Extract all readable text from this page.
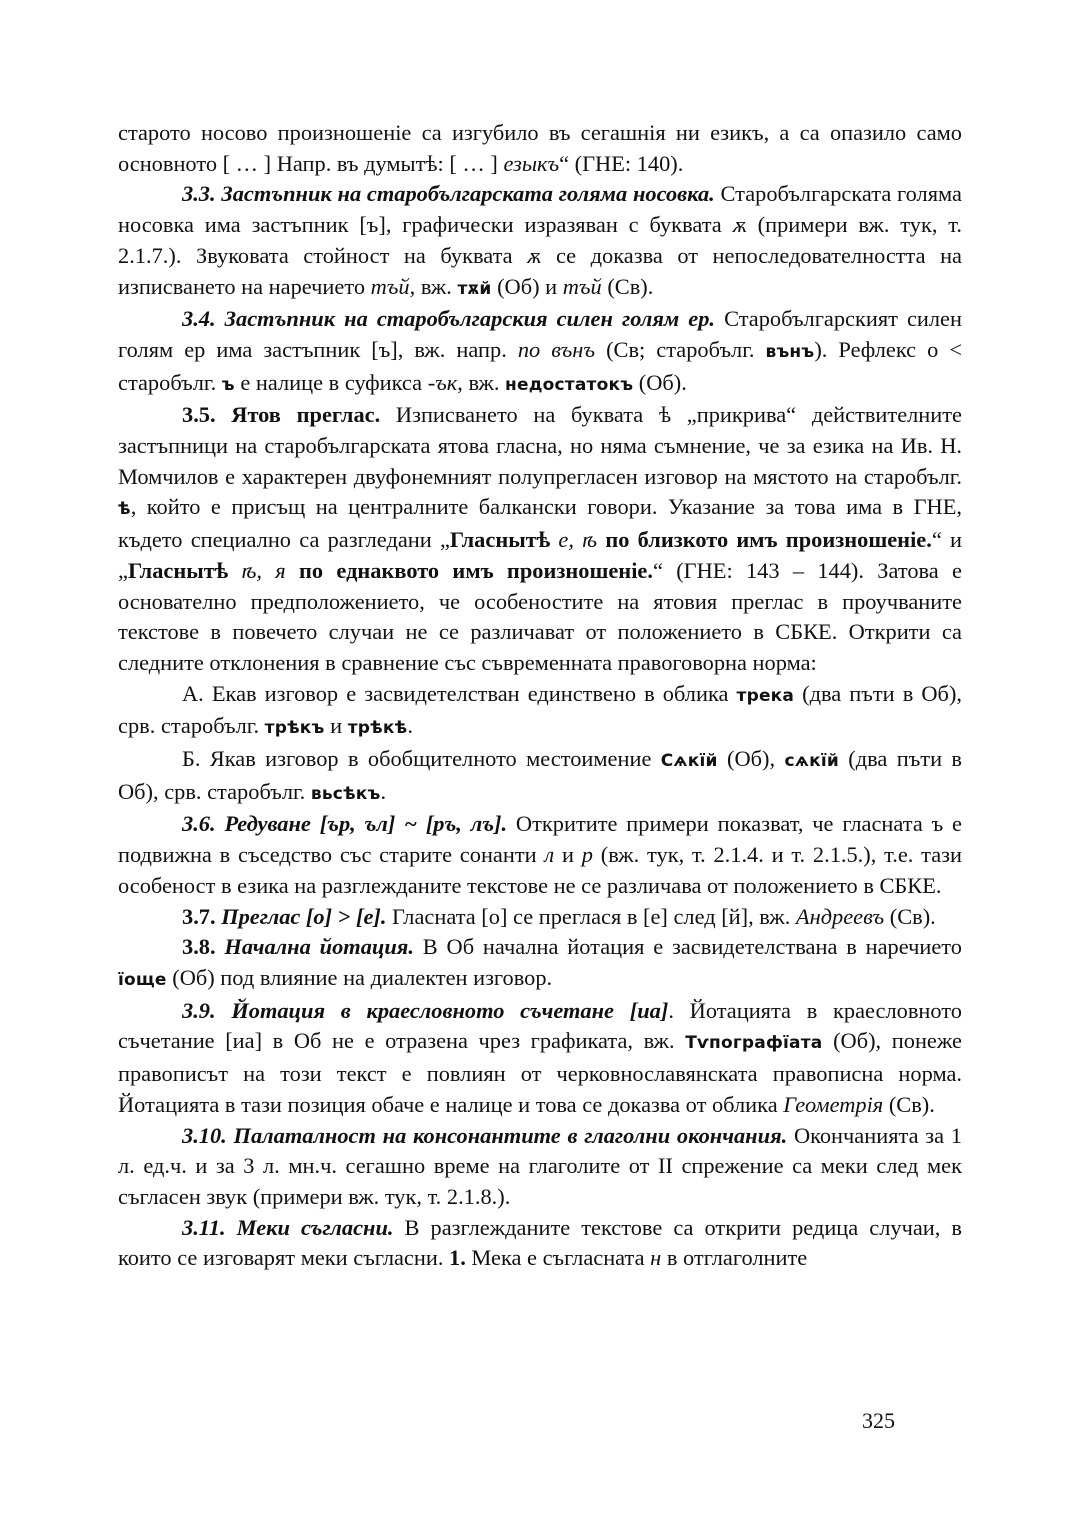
старото носово произношеніе са изгубило въ сегашнія ни езикъ, а са опазило само основното [ … ] Напр. въ думытѣ: [ … ] езыкъ“ (ГНЕ: 140).

3.3. Застъпник на старобългарската голяма носовка. Старобългарската голяма носовка има застъпник [ъ], графически изразяван с буквата ѫ (примери вж. тук, т. 2.1.7.). Звуковата стойност на буквата ѫ се доказва от непоследователността на изписването на наречието тъй, вж. тѫй (Об) и тъй (Св).

3.4. Застъпник на старобългарския силен голям ер. Старобългарският силен голям ер има застъпник [ъ], вж. напр. по вънъ (Св; старобълг. вънъ). Рефлекс о < старобълг. ъ е налице в суфикса -ък, вж. недостатокъ (Об).

3.5. Ятов преглас. Изписването на буквата ѣ „прикрива“ действителните застъпници на старобългарската ятова гласна, но няма съмнение, че за езика на Ив. Н. Момчилов е характерен двуфонемният полупрегласен изговор на мястото на старобълг. ѣ, който е присъщ на централните балкански говори. Указание за това има в ГНЕ, където специално са разгледани „Гласнытѣ е, ѣ по близкото имъ произношеніе.“ и „Гласнытѣ ѣ, я по еднаквото имъ произношеніе.“ (ГНЕ: 143 – 144). Затова е основателно предположението, че особеностите на ятовия преглас в проучваните текстове в повечето случаи не се различават от положението в СБКЕ. Открити са следните отклонения в сравнение със съвременната правоговорна норма:

А. Екав изговор е засвидетелстван единствено в облика трека (два пъти в Об), срв. старобълг. трѣкъ и трѣкѣ.

Б. Якав изговор в обобщителното местоимение Сѧкїй (Об), сѧкїй (два пъти в Об), срв. старобълг. вьсѣкъ.

3.6. Редуване [ър, ъл] ~ [ръ, лъ]. Откритите примери показват, че гласната ъ е подвижна в съседство със старите сонанти л и р (вж. тук, т. 2.1.4. и т. 2.1.5.), т.е. тази особеност в езика на разглежданите текстове не се различава от положението в СБКЕ.

3.7. Преглас [о] > [е]. Гласната [о] се преглася в [е] след [й], вж. Андреевъ (Св).

3.8. Начална йотация. В Об начална йотация е засвидетелствана в наречието їоще (Об) под влияние на диалектен изговор.

3.9. Йотация в краесловното съчетане [иа]. Йотацията в краесловното съчетание [иа] в Об не е отразена чрез графиката, вж. Тѵпографїата (Об), понеже правописът на този текст е повлиян от черковнославянската правописна норма. Йотацията в тази позиция обаче е налице и това се доказва от облика Геометрія (Св).

3.10. Палаталност на консонантите в глаголни окончания. Окончанията за 1 л. ед.ч. и за 3 л. мн.ч. сегашно време на глаголите от II спрежение са меки след мек съгласен звук (примери вж. тук, т. 2.1.8.).

3.11. Меки съгласни. В разглежданите текстове са открити редица случаи, в които се изговарят меки съгласни. 1. Мека е съгласната н в отглаголните

325
